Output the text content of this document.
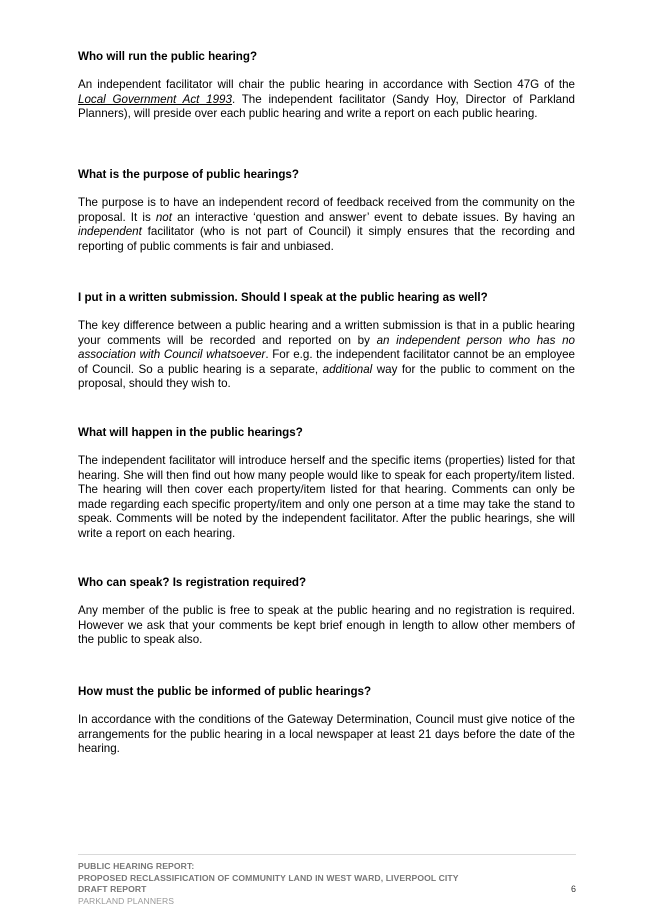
Who will run the public hearing?

An independent facilitator will chair the public hearing in accordance with Section 47G of the Local Government Act 1993. The independent facilitator (Sandy Hoy, Director of Parkland Planners), will preside over each public hearing and write a report on each public hearing.

What is the purpose of public hearings?

The purpose is to have an independent record of feedback received from the community on the proposal. It is not an interactive ‘question and answer’ event to debate issues. By having an independent facilitator (who is not part of Council) it simply ensures that the recording and reporting of public comments is fair and unbiased.

I put in a written submission. Should I speak at the public hearing as well?

The key difference between a public hearing and a written submission is that in a public hearing your comments will be recorded and reported on by an independent person who has no association with Council whatsoever. For e.g. the independent facilitator cannot be an employee of Council. So a public hearing is a separate, additional way for the public to comment on the proposal, should they wish to.

What will happen in the public hearings?

The independent facilitator will introduce herself and the specific items (properties) listed for that hearing. She will then find out how many people would like to speak for each property/item listed. The hearing will then cover each property/item listed for that hearing. Comments can only be made regarding each specific property/item and only one person at a time may take the stand to speak. Comments will be noted by the independent facilitator. After the public hearings, she will write a report on each hearing.

Who can speak? Is registration required?

Any member of the public is free to speak at the public hearing and no registration is required. However we ask that your comments be kept brief enough in length to allow other members of the public to speak also.

How must the public be informed of public hearings?

In accordance with the conditions of the Gateway Determination, Council must give notice of the arrangements for the public hearing in a local newspaper at least 21 days before the date of the hearing.

PUBLIC HEARING REPORT:
PROPOSED RECLASSIFICATION OF COMMUNITY LAND IN WEST WARD, LIVERPOOL CITY
DRAFT REPORT	6
PARKLAND PLANNERS
